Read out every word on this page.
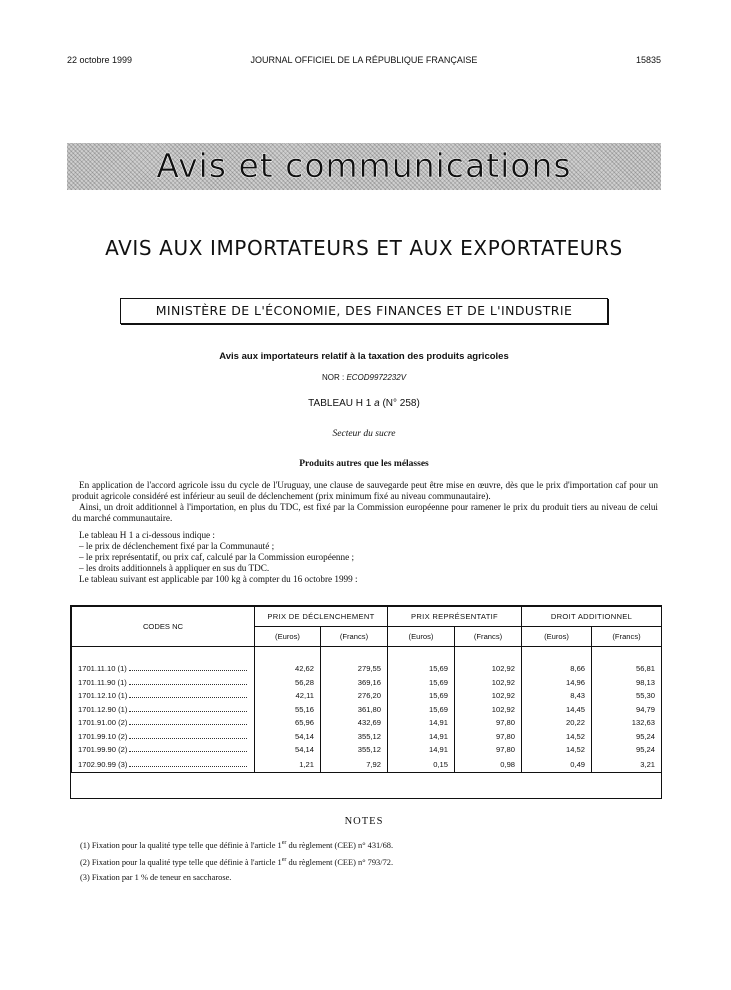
22 octobre 1999	JOURNAL OFFICIEL DE LA RÉPUBLIQUE FRANÇAISE	15835
Avis et communications
AVIS AUX IMPORTATEURS ET AUX EXPORTATEURS
MINISTÈRE DE L'ÉCONOMIE, DES FINANCES ET DE L'INDUSTRIE
Avis aux importateurs relatif à la taxation des produits agricoles
NOR : ECOD9972232V
TABLEAU H 1 a (N° 258)
Secteur du sucre
Produits autres que les mélasses

En application de l'accord agricole issu du cycle de l'Uruguay, une clause de sauvegarde peut être mise en œuvre, dès que le prix d'importation caf pour un produit agricole considéré est inférieur au seuil de déclenchement (prix minimum fixé au niveau communautaire).

Ainsi, un droit additionnel à l'importation, en plus du TDC, est fixé par la Commission européenne pour ramener le prix du produit tiers au niveau de celui du marché communautaire.

Le tableau H 1 a ci-dessous indique :

– le prix de déclenchement fixé par la Communauté ;

– le prix représentatif, ou prix caf, calculé par la Commission européenne ;

– les droits additionnels à appliquer en sus du TDC.

Le tableau suivant est applicable par 100 kg à compter du 16 octobre 1999 :

CODES NC	PRIX DE DÉCLENCHEMENT		PRIX REPRÉSENTATIF		DROIT ADDITIONNEL	
	(Euros)	(Francs)	(Euros)	(Francs)	(Euros)	(Francs)

1701.11.10 (1)	42,62	279,55	15,69	102,92	8,66	56,81
1701.11.90 (1)	56,28	369,16	15,69	102,92	14,96	98,13
1701.12.10 (1)	42,11	276,20	15,69	102,92	8,43	55,30
1701.12.90 (1)	55,16	361,80	15,69	102,92	14,45	94,79
1701.91.00 (2)	65,96	432,69	14,91	97,80	20,22	132,63
1701.99.10 (2)	54,14	355,12	14,91	97,80	14,52	95,24
1701.99.90 (2)	54,14	355,12	14,91	97,80	14,52	95,24
1702.90.99 (3)	1,21	7,92	0,15	0,98	0,49	3,21
NOTES
(1) Fixation pour la qualité type telle que définie à l'article 1er du règlement (CEE) n° 431/68.
(2) Fixation pour la qualité type telle que définie à l'article 1er du règlement (CEE) n° 793/72.
(3) Fixation par 1 % de teneur en saccharose.
